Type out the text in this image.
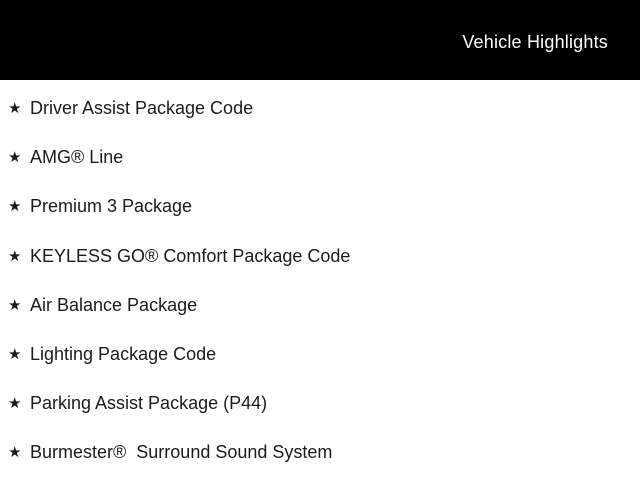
Vehicle Highlights
★ Driver Assist Package Code
★ AMG® Line
★ Premium 3 Package
★ KEYLESS GO® Comfort Package Code
★ Air Balance Package
★ Lighting Package Code
★ Parking Assist Package (P44)
★ Burmester®  Surround Sound System
